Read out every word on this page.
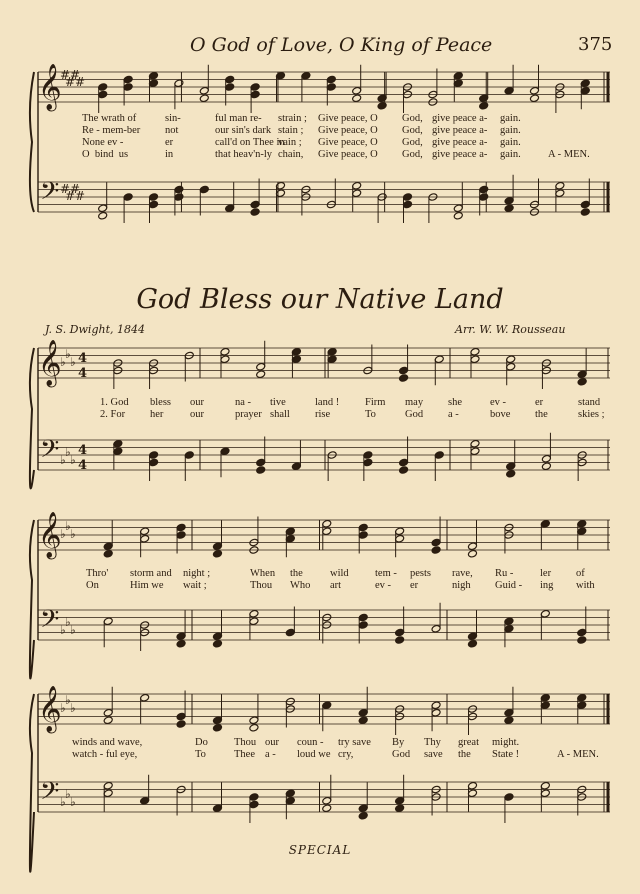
O God of Love, O King of Peace	375
God Bless our Native Land
J. S. Dwight, 1844	Arr. W. W. Rousseau
SPECIAL
𝄞
𝄢
#
#
#
#
#
#
#
#
𝄞
𝄢
♭
♭
♭
♭
♭
♭
4
4
4
4
𝄞
𝄢
♭
♭
♭
♭
♭
♭
𝄞
𝄢
♭
♭
♭
♭
♭
♭
The wrath of	sin-	ful man re- strain ; Give peace, O God, give peace a- gain.
Re - mem-ber not	our sin's dark stain ; Give peace, O God, give peace a- gain.
None ev -	er	call'd on Thee in
vain ; Give peace, O God, give peace a- gain.
O  bind  us	in	that heav'n-ly chain, Give peace, O God, give peace a- gain.	A - MEN.
1. God bless our	na - tive	land ! Firm may she	ev -	er	stand
2. For her	our	prayer shall rise	To	God a -	bove the	skies ;
Thro' storm and night ;	When the	wild	tem - pests rave, Ru -	ler of
On	Him we wait ;	Thou Who art	ev - er	nigh Guid - ing with
winds and wave,	Do Thou our coun - try save By Thy great might.
watch - ful eye,	To	Thee a - loud we cry,	God save the State !	A - MEN.
